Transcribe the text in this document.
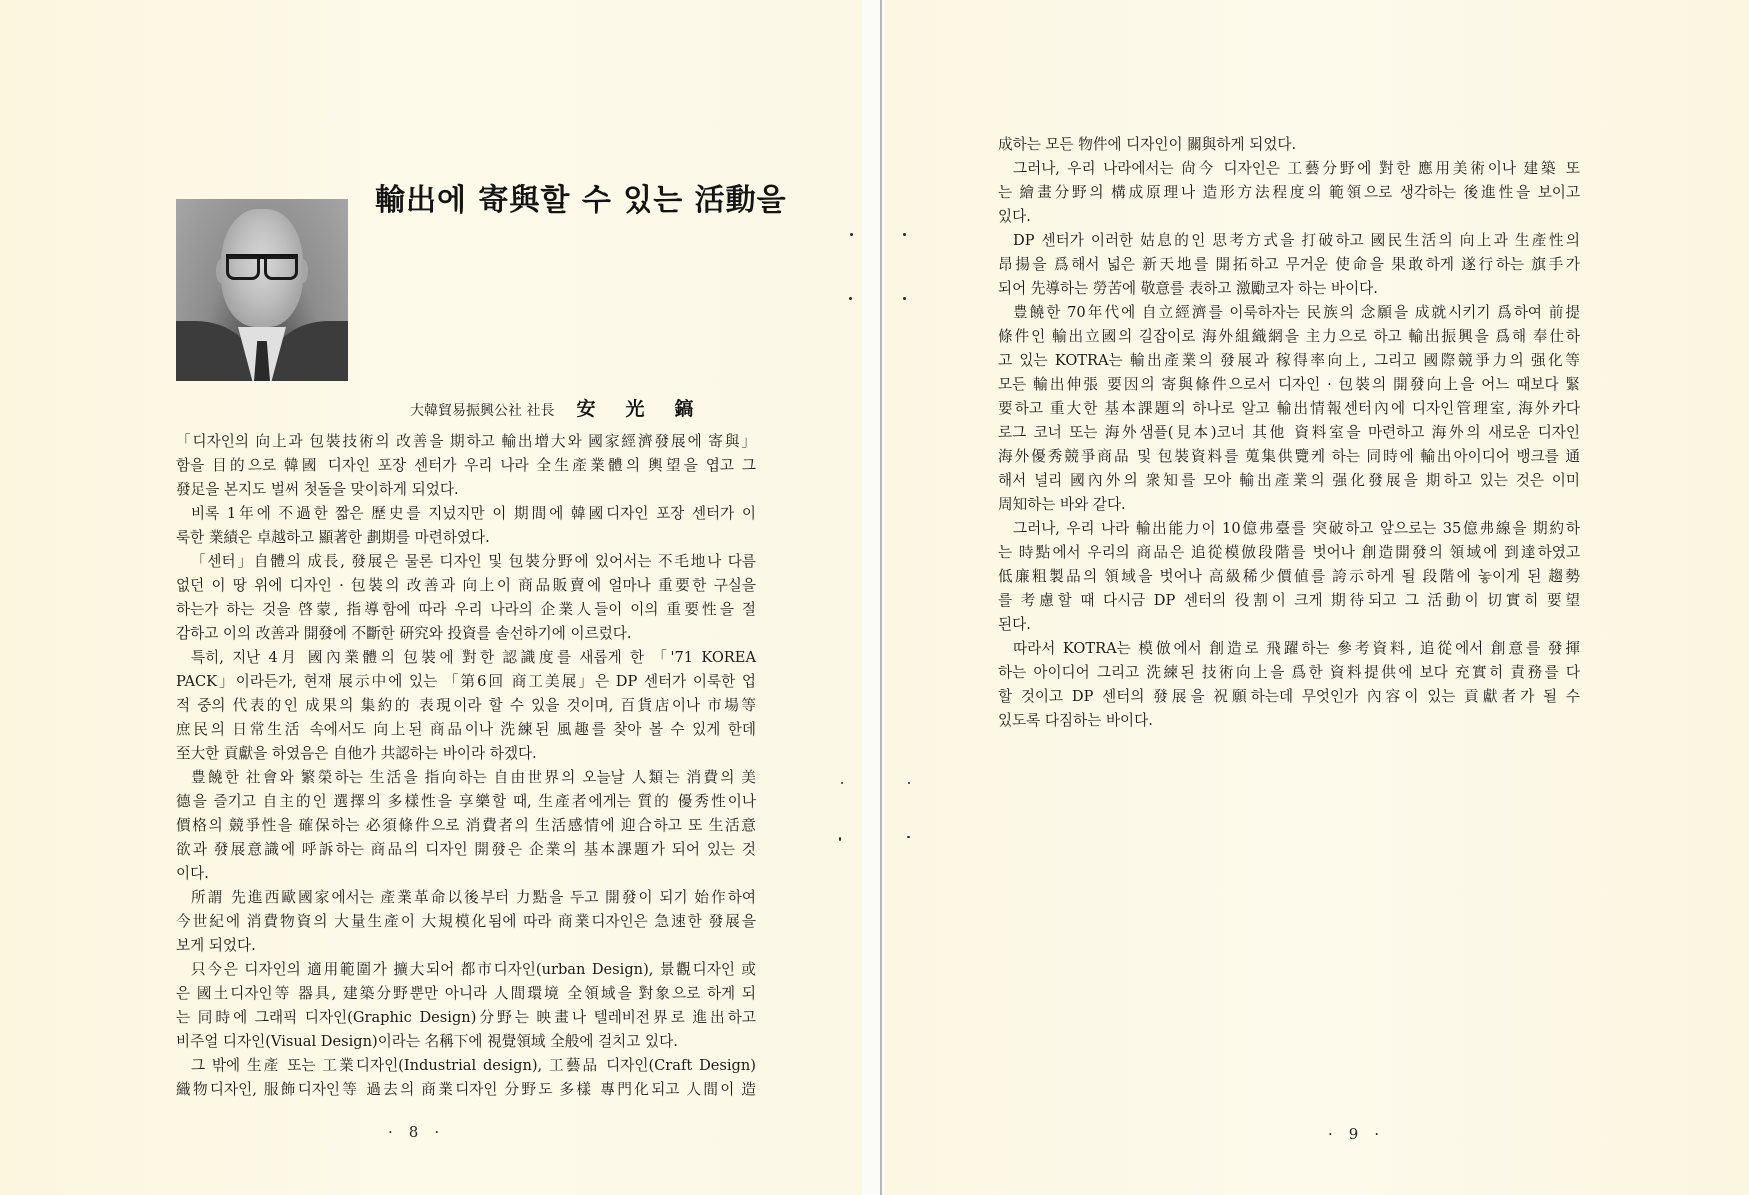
輸出에 寄與할 수 있는 活動을
大韓貿易振興公社 社長 安光鎬
「디자인의 向上과 包裝技術의 改善을 期하고 輸出增大와 國家經濟發展에 寄與」
함을 目的으로 韓國 디자인 포장 센터가 우리 나라 全生產業體의 輿望을 엽고 그
發足을 본지도 벌써 첫돌을 맞이하게 되었다.
비록 1年에 不過한 짧은 歷史를 지넜지만 이 期間에 韓國디자인 포장 센터가 이
룩한 業績은 卓越하고 顯著한 劃期를 마련하였다.
「센터」自體의 成長, 發展은 물론 디자인 및 包裝分野에 있어서는 不毛地나 다름
없던 이 땅 위에 디자인 · 包裝의 改善과 向上이 商品販賣에 얼마나 重要한 구실을
하는가 하는 것을 啓蒙, 指導함에 따라 우리 나라의 企業人들이 이의 重要性을 절
감하고 이의 改善과 開發에 不斷한 硏究와 投資를 솔선하기에 이르렀다.
특히, 지난 4月 國內業體의 包裝에 對한 認識度를 새롭게 한 「'71 KOREA
PACK」이라든가, 현재 展示中에 있는 「第6回 商工美展」은 DP 센터가 이룩한 업
적 중의 代表的인 成果의 集約的 表現이라 할 수 있을 것이며, 百貨店이나 市場等
庶民의 日常生活 속에서도 向上된 商品이나 洗練된 風趣를 찾아 볼 수 있게 한데
至大한 貢獻을 하였음은 自他가 共認하는 바이라 하겠다.
豊饒한 社會와 繁榮하는 生活을 指向하는 自由世界의 오늘날 人類는 消費의 美
德을 즐기고 自主的인 選擇의 多樣性을 享樂할 때, 生產者에게는 質的 優秀性이나
價格의 競爭性을 確保하는 必須條件으로 消費者의 生活感情에 迎合하고 또 生活意
欲과 發展意識에 呼訴하는 商品의 디자인 開發은 企業의 基本課題가 되어 있는 것
이다.
所謂 先進西歐國家에서는 產業革命以後부터 力點을 두고 開發이 되기 始作하여
今世紀에 消費物資의 大量生產이 大規模化됨에 따라 商業디자인은 急速한 發展을
보게 되었다.
只今은 디자인의 適用範圍가 擴大되어 都市디자인(urban Design), 景觀디자인 或
은 國土디자인等 器具, 建築分野뿐만 아니라 人間環境 全領域을 對象으로 하게 되
는 同時에 그래픽 디자인(Graphic Design)分野는 映畫나 텔레비전界로 進出하고
비주얼 디자인(Visual Design)이라는 名稱下에 視覺領域 全般에 걸치고 있다.
그 밖에 生產 또는 工業디자인(Industrial design), 工藝品 디자인(Craft Design)
織物디자인, 服飾디자인等 過去의 商業디자인 分野도 多樣 專門化되고 人間이 造
· 8 ·
成하는 모든 物件에 디자인이 關與하게 되었다.
그러나, 우리 나라에서는 尙今 디자인은 工藝分野에 對한 應用美術이나 建築 또
는 繪畫分野의 構成原理나 造形方法程度의 範領으로 생각하는 後進性을 보이고
있다.
DP 센터가 이러한 姑息的인 思考方式을 打破하고 國民生活의 向上과 生產性의
昂揚을 爲해서 넓은 新天地를 開拓하고 무거운 使命을 果敢하게 遂行하는 旗手가
되어 先導하는 勞苦에 敬意를 表하고 激勵코자 하는 바이다.
豊饒한 70年代에 自立經濟를 이룩하자는 民族의 念願을 成就시키기 爲하여 前提
條件인 輸出立國의 길잡이로 海外組織網을 主力으로 하고 輸出振興을 爲해 奉仕하
고 있는 KOTRA는 輸出產業의 發展과 稼得率向上, 그리고 國際競爭力의 强化等
모든 輸出伸張 要因의 寄與條件으로서 디자인 · 包裝의 開發向上을 어느 때보다 緊
要하고 重大한 基本課題의 하나로 알고 輸出情報센터內에 디자인管理室, 海外카다
로그 코너 또는 海外샘플(見本)코너 其他 資料室을 마련하고 海外의 새로운 디자인
海外優秀競爭商品 및 包裝資料를 蒐集供覽케 하는 同時에 輸出아이디어 뱅크를 通
해서 널리 國內外의 衆知를 모아 輸出產業의 强化發展을 期하고 있는 것은 이미
周知하는 바와 같다.
그러나, 우리 나라 輸出能力이 10億弗臺를 突破하고 앞으로는 35億弗線을 期約하
는 時點에서 우리의 商品은 追從模倣段階를 벗어나 創造開發의 領域에 到達하였고
低廉粗製品의 領域을 벗어나 高級稀少價値를 誇示하게 될 段階에 놓이게 된 趨勢
를 考慮할 때 다시금 DP 센터의 役割이 크게 期待되고 그 活動이 切實히 要望
된다.
따라서 KOTRA는 模倣에서 創造로 飛躍하는 參考資料, 追從에서 創意를 發揮
하는 아이디어 그리고 洗練된 技術向上을 爲한 資料提供에 보다 充實히 責務를 다
할 것이고 DP 센터의 發展을 祝願하는데 무엇인가 內容이 있는 貢獻者가 될 수
있도록 다짐하는 바이다.
· 9 ·
